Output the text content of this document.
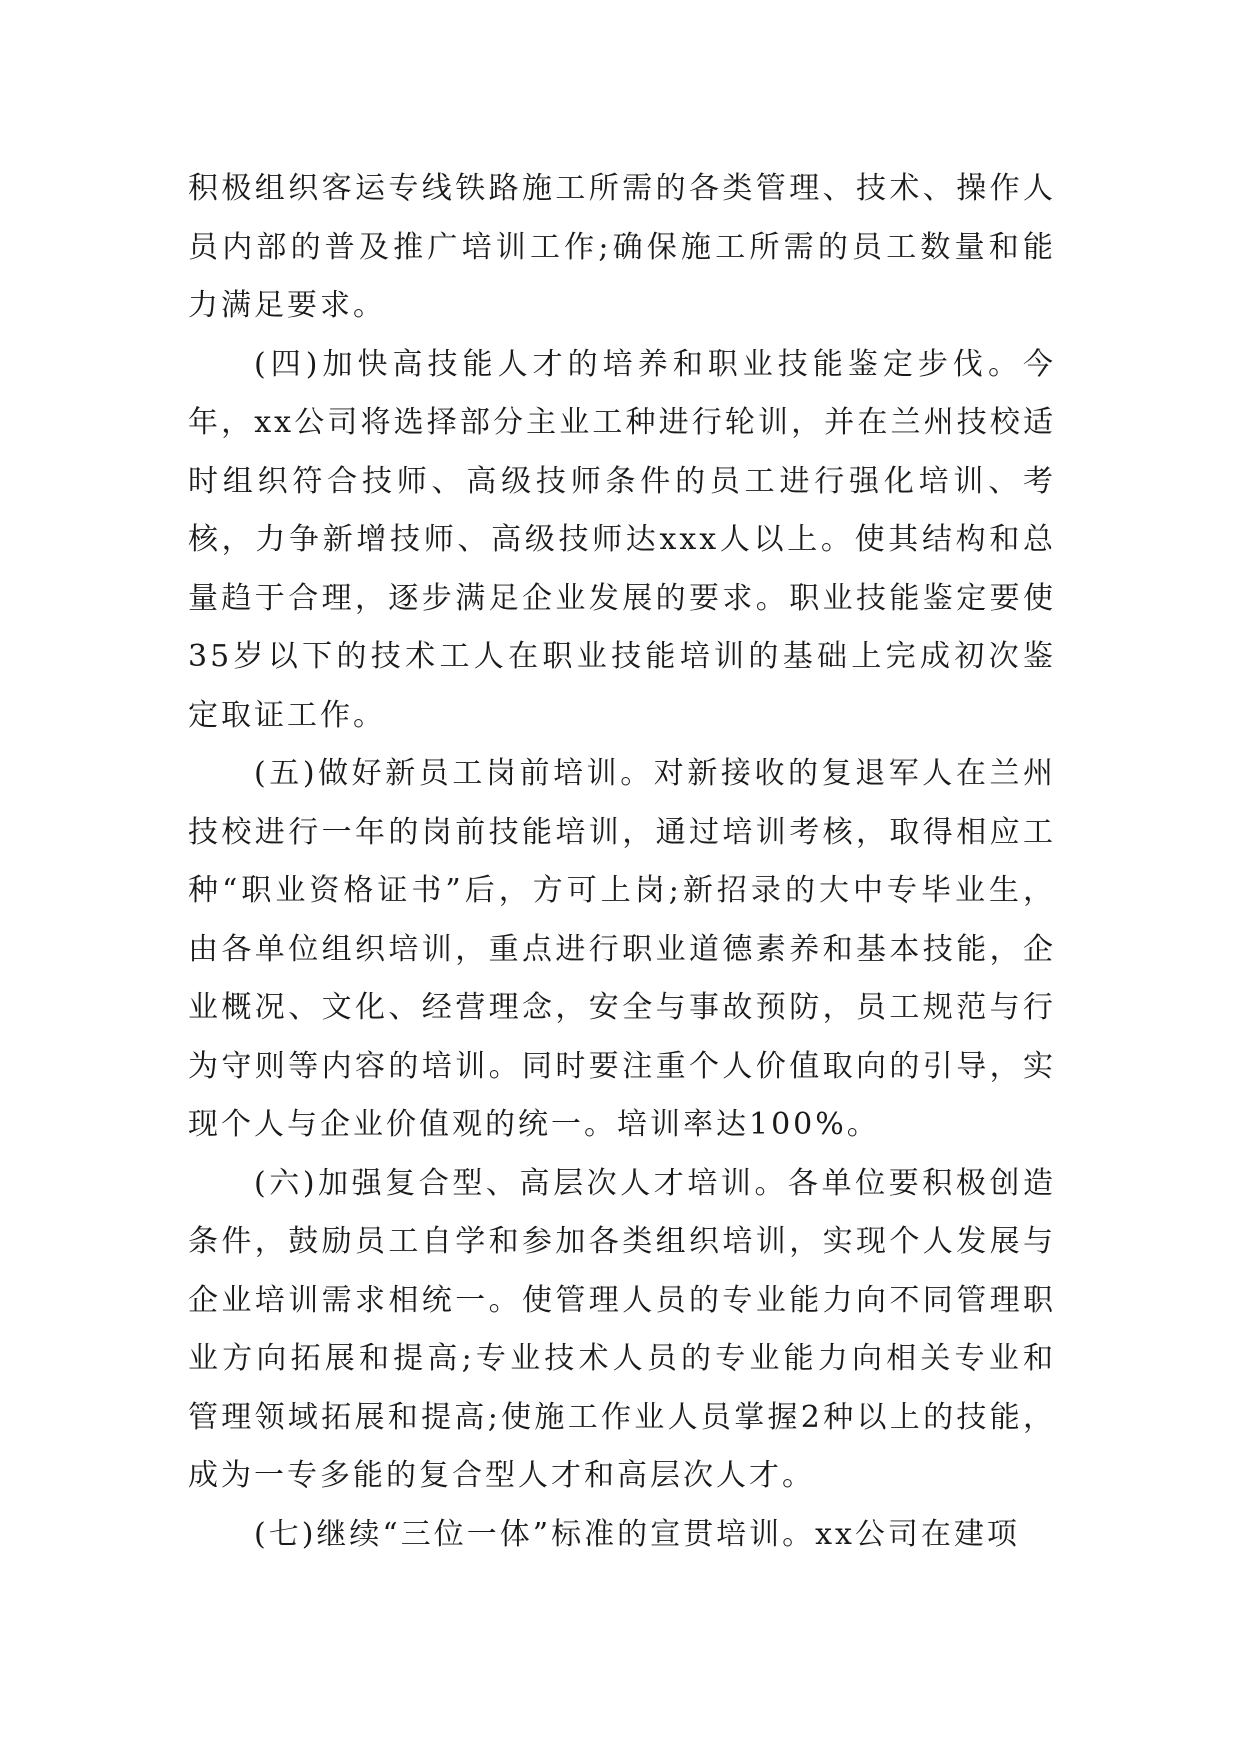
积极组织客运专线铁路施工所需的各类管理、技术、操作人员内部的普及推广培训工作;确保施工所需的员工数量和能力满足要求。

(四)加快高技能人才的培养和职业技能鉴定步伐。今年，xx公司将选择部分主业工种进行轮训，并在兰州技校适时组织符合技师、高级技师条件的员工进行强化培训、考核，力争新增技师、高级技师达xxx人以上。使其结构和总量趋于合理，逐步满足企业发展的要求。职业技能鉴定要使35岁以下的技术工人在职业技能培训的基础上完成初次鉴定取证工作。

(五)做好新员工岗前培训。对新接收的复退军人在兰州技校进行一年的岗前技能培训，通过培训考核，取得相应工种“职业资格证书”后，方可上岗;新招录的大中专毕业生，由各单位组织培训，重点进行职业道德素养和基本技能，企业概况、文化、经营理念，安全与事故预防，员工规范与行为守则等内容的培训。同时要注重个人价值取向的引导，实现个人与企业价值观的统一。培训率达100%。

(六)加强复合型、高层次人才培训。各单位要积极创造条件，鼓励员工自学和参加各类组织培训，实现个人发展与企业培训需求相统一。使管理人员的专业能力向不同管理职业方向拓展和提高;专业技术人员的专业能力向相关专业和管理领域拓展和提高;使施工作业人员掌握2种以上的技能，成为一专多能的复合型人才和高层次人才。

(七)继续“三位一体”标准的宣贯培训。xx公司在建项
